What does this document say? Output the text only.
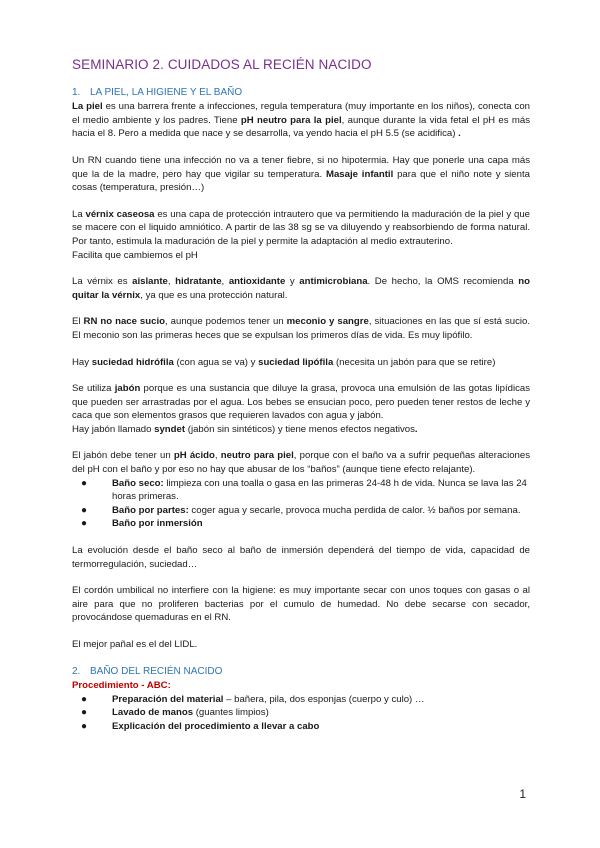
SEMINARIO 2. CUIDADOS AL RECIÉN NACIDO
1. LA PIEL, LA HIGIENE Y EL BAÑO

La piel es una barrera frente a infecciones, regula temperatura (muy importante en los niños), conecta con el medio ambiente y los padres. Tiene pH neutro para la piel, aunque durante la vida fetal el pH es más hacia el 8. Pero a medida que nace y se desarrolla, va yendo hacia el pH 5.5 (se acidifica) .

Un RN cuando tiene una infección no va a tener fiebre, si no hipotermia. Hay que ponerle una capa más que la de la madre, pero hay que vigilar su temperatura. Masaje infantil para que el niño note y sienta cosas (temperatura, presión…)

La vérnix caseosa es una capa de protección intrautero que va permitiendo la maduración de la piel y que se macere con el liquido amniótico. A partir de las 38 sg se va diluyendo y reabsorbiendo de forma natural. Por tanto, estimula la maduración de la piel y permite la adaptación al medio extrauterino.

Facilita que cambiemos el pH

La vérnix es aislante, hidratante, antioxidante y antimicrobiana. De hecho, la OMS recomienda no quitar la vérnix, ya que es una protección natural.

El RN no nace sucio, aunque podemos tener un meconio y sangre, situaciones en las que sí está sucio. El meconio son las primeras heces que se expulsan los primeros días de vida. Es muy lipófilo.

Hay suciedad hidrófila (con agua se va) y suciedad lipófila (necesita un jabón para que se retire)

Se utiliza jabón porque es una sustancia que diluye la grasa, provoca una emulsión de las gotas lipídicas que pueden ser arrastradas por el agua. Los bebes se ensucian poco, pero pueden tener restos de leche y caca que son elementos grasos que requieren lavados con agua y jabón.

Hay jabón llamado syndet (jabón sin sintéticos) y tiene menos efectos negativos.

El jabón debe tener un pH ácido, neutro para piel, porque con el baño va a sufrir pequeñas alteraciones del pH con el baño y por eso no hay que abusar de los “baños” (aunque tiene efecto relajante).

●	Baño seco: limpieza con una toalla o gasa en las primeras 24-48 h de vida. Nunca se lava las 24 horas primeras.
●	Baño por partes: coger agua y secarle, provoca mucha perdida de calor. ½ baños por semana.
●	Baño por inmersión

La evolución desde el baño seco al baño de inmersión dependerá del tiempo de vida, capacidad de termorregulación, suciedad…

El cordón umbilical no interfiere con la higiene: es muy importante secar con unos toques con gasas o al aire para que no proliferen bacterias por el cumulo de humedad. No debe secarse con secador, provocándose quemaduras en el RN.

El mejor pañal es el del LIDL.

2. BAÑO DEL RECIÉN NACIDO
Procedimiento - ABC:
●	Preparación del material – bañera, pila, dos esponjas (cuerpo y culo) …
●	Lavado de manos (guantes limpios)
●	Explicación del procedimiento a llevar a cabo
1
